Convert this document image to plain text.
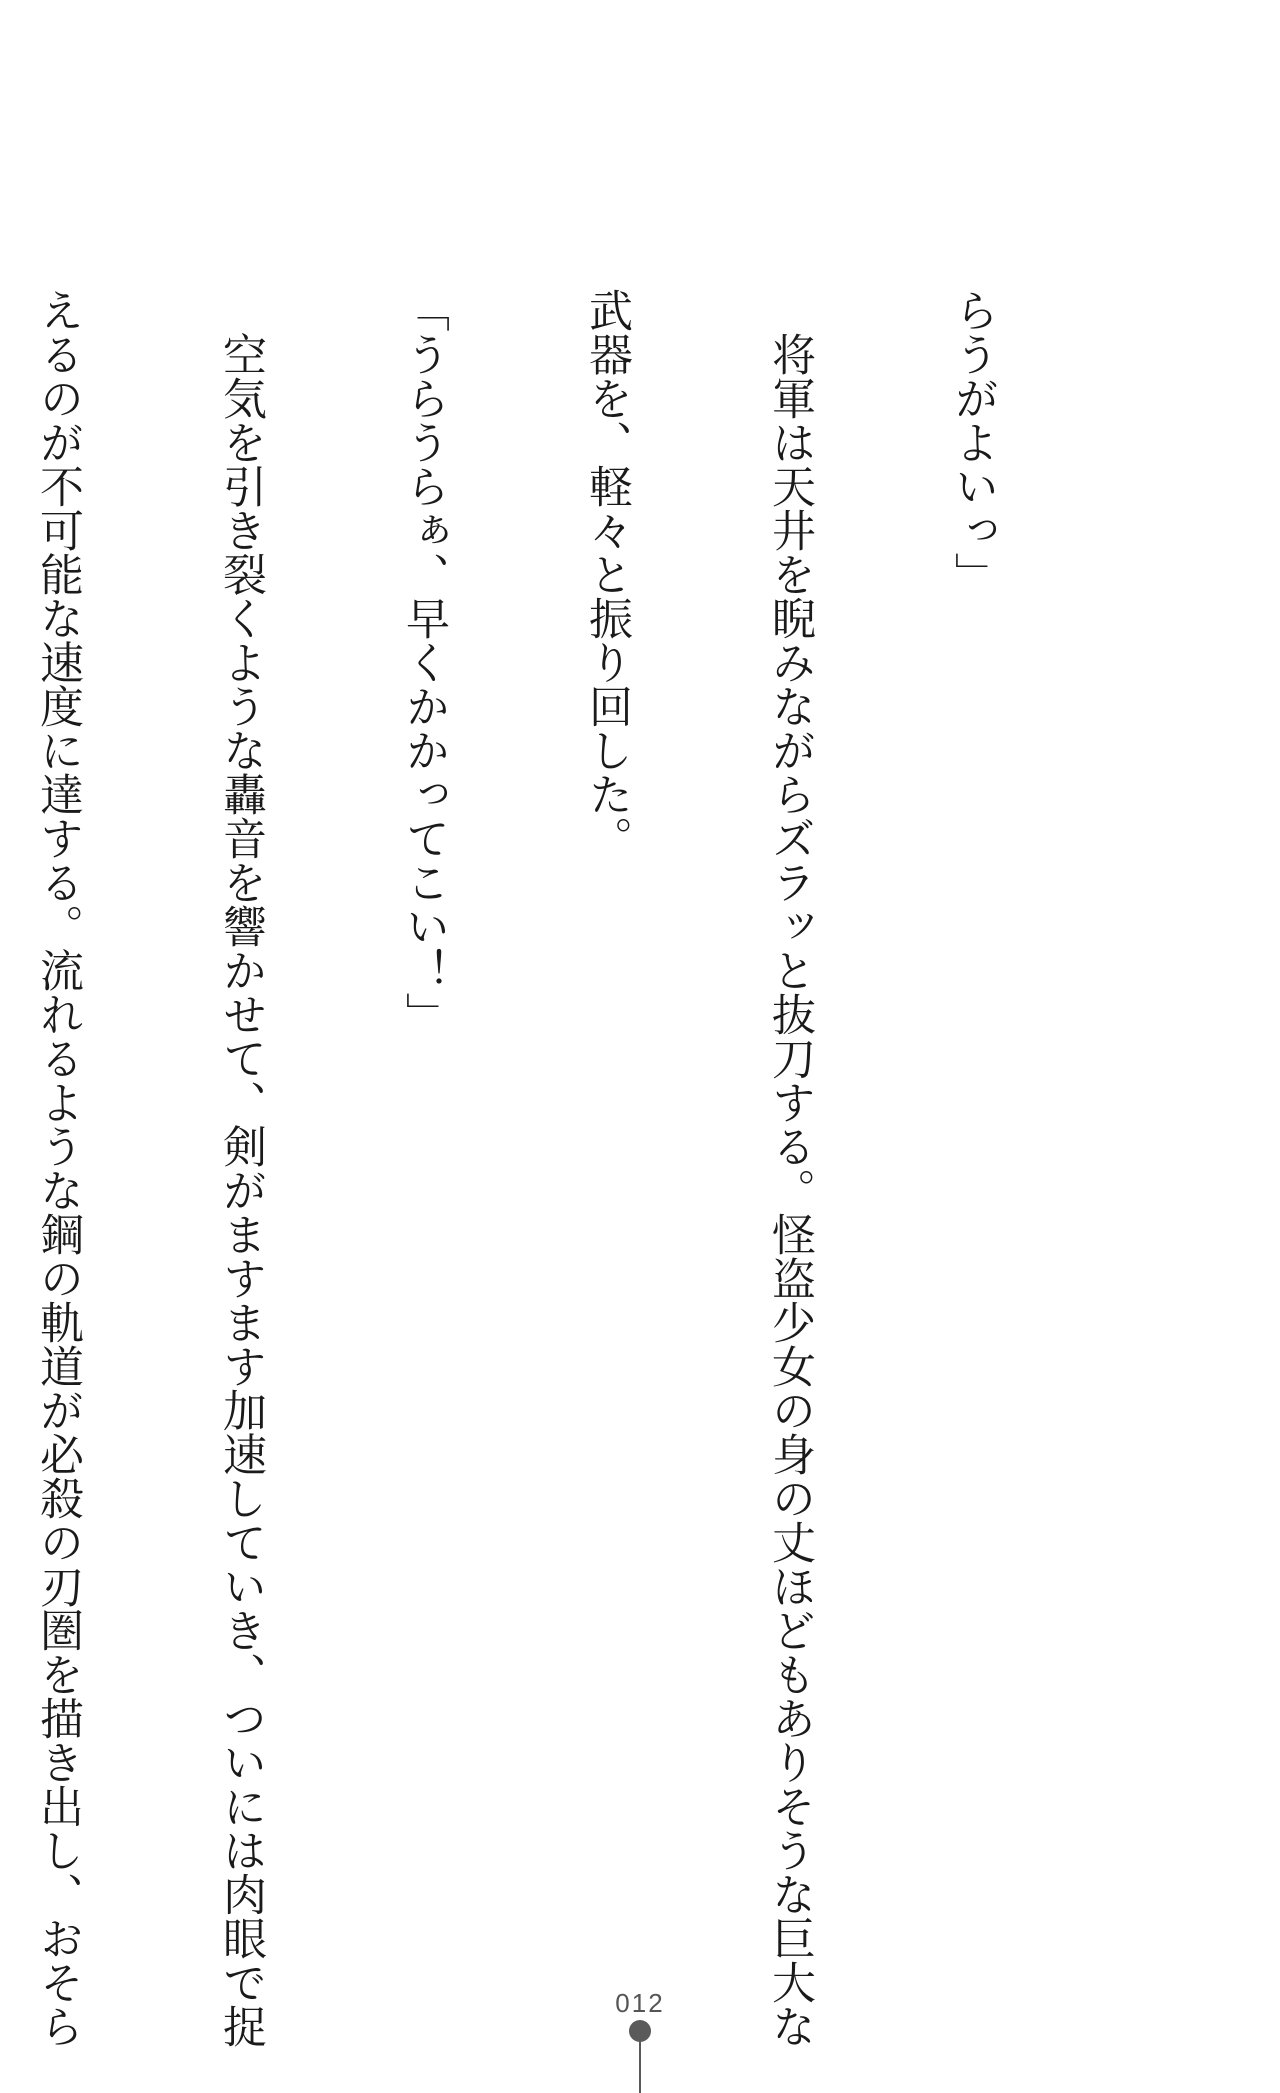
らうがよいっ」

　将軍は天井を睨みながらズラッと抜刀する。怪盗少女の身の丈ほどもありそうな巨大な

武器を、軽々と振り回した。

「うらうらぁ、早くかかってこい！」

　空気を引き裂くような轟音を響かせて、剣がますます加速していき、ついには肉眼で捉

えるのが不可能な速度に達する。流れるような鋼の軌道が必殺の刃圏を描き出し、おそら

	012
